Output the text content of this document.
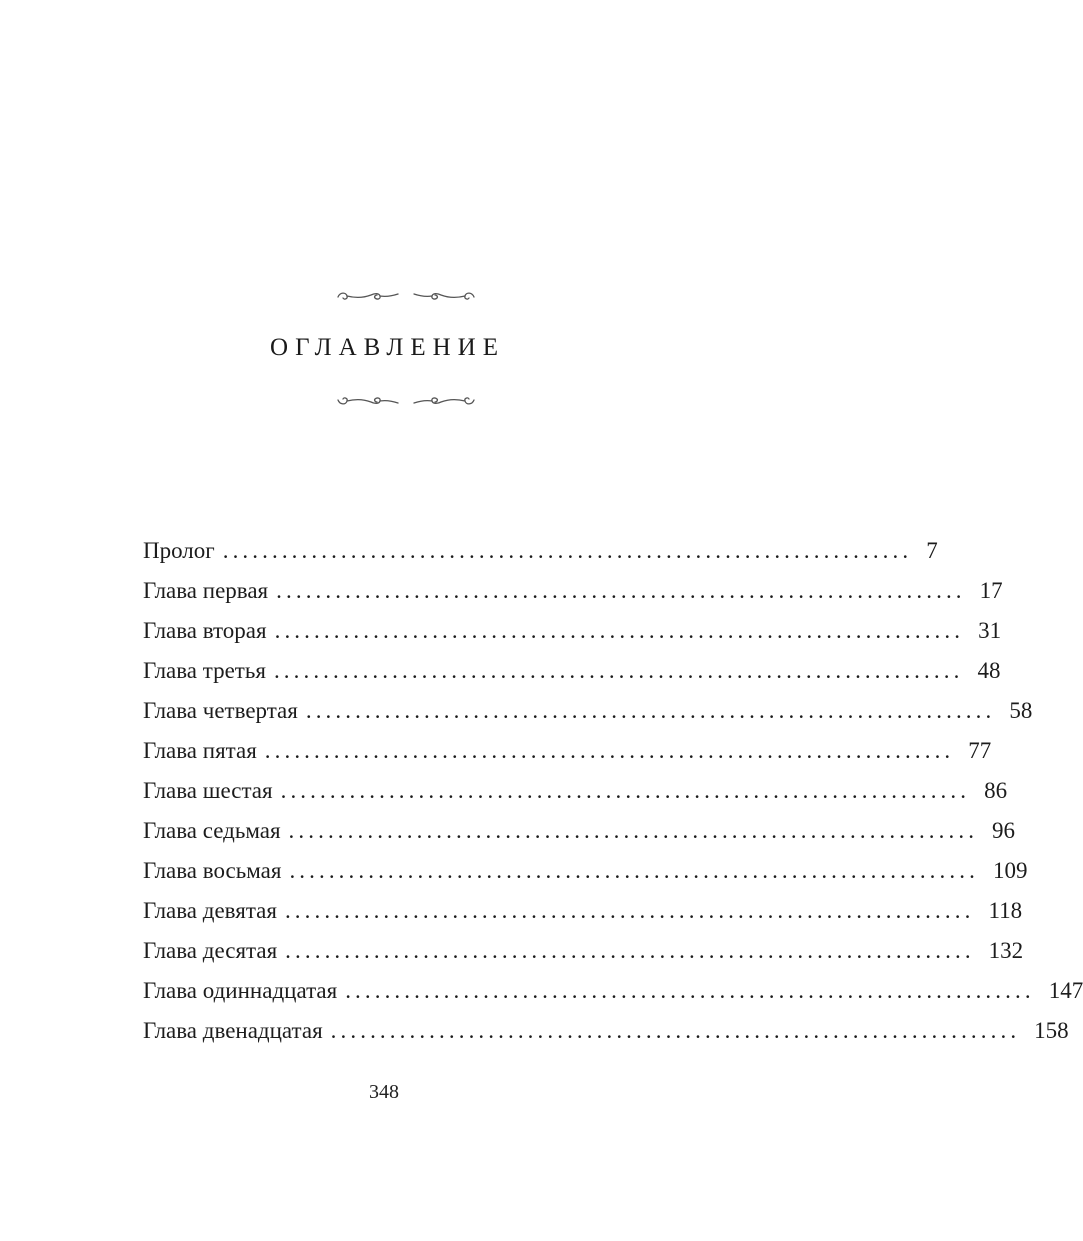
ОГЛАВЛЕНИЕ
Пролог ...................................................................... 7
Глава первая ...................................................................... 17
Глава вторая ...................................................................... 31
Глава третья ...................................................................... 48
Глава четвертая ...................................................................... 58
Глава пятая ...................................................................... 77
Глава шестая ...................................................................... 86
Глава седьмая ...................................................................... 96
Глава восьмая ...................................................................... 109
Глава девятая ...................................................................... 118
Глава десятая ...................................................................... 132
Глава одиннадцатая ...................................................................... 147
Глава двенадцатая ...................................................................... 158
348
